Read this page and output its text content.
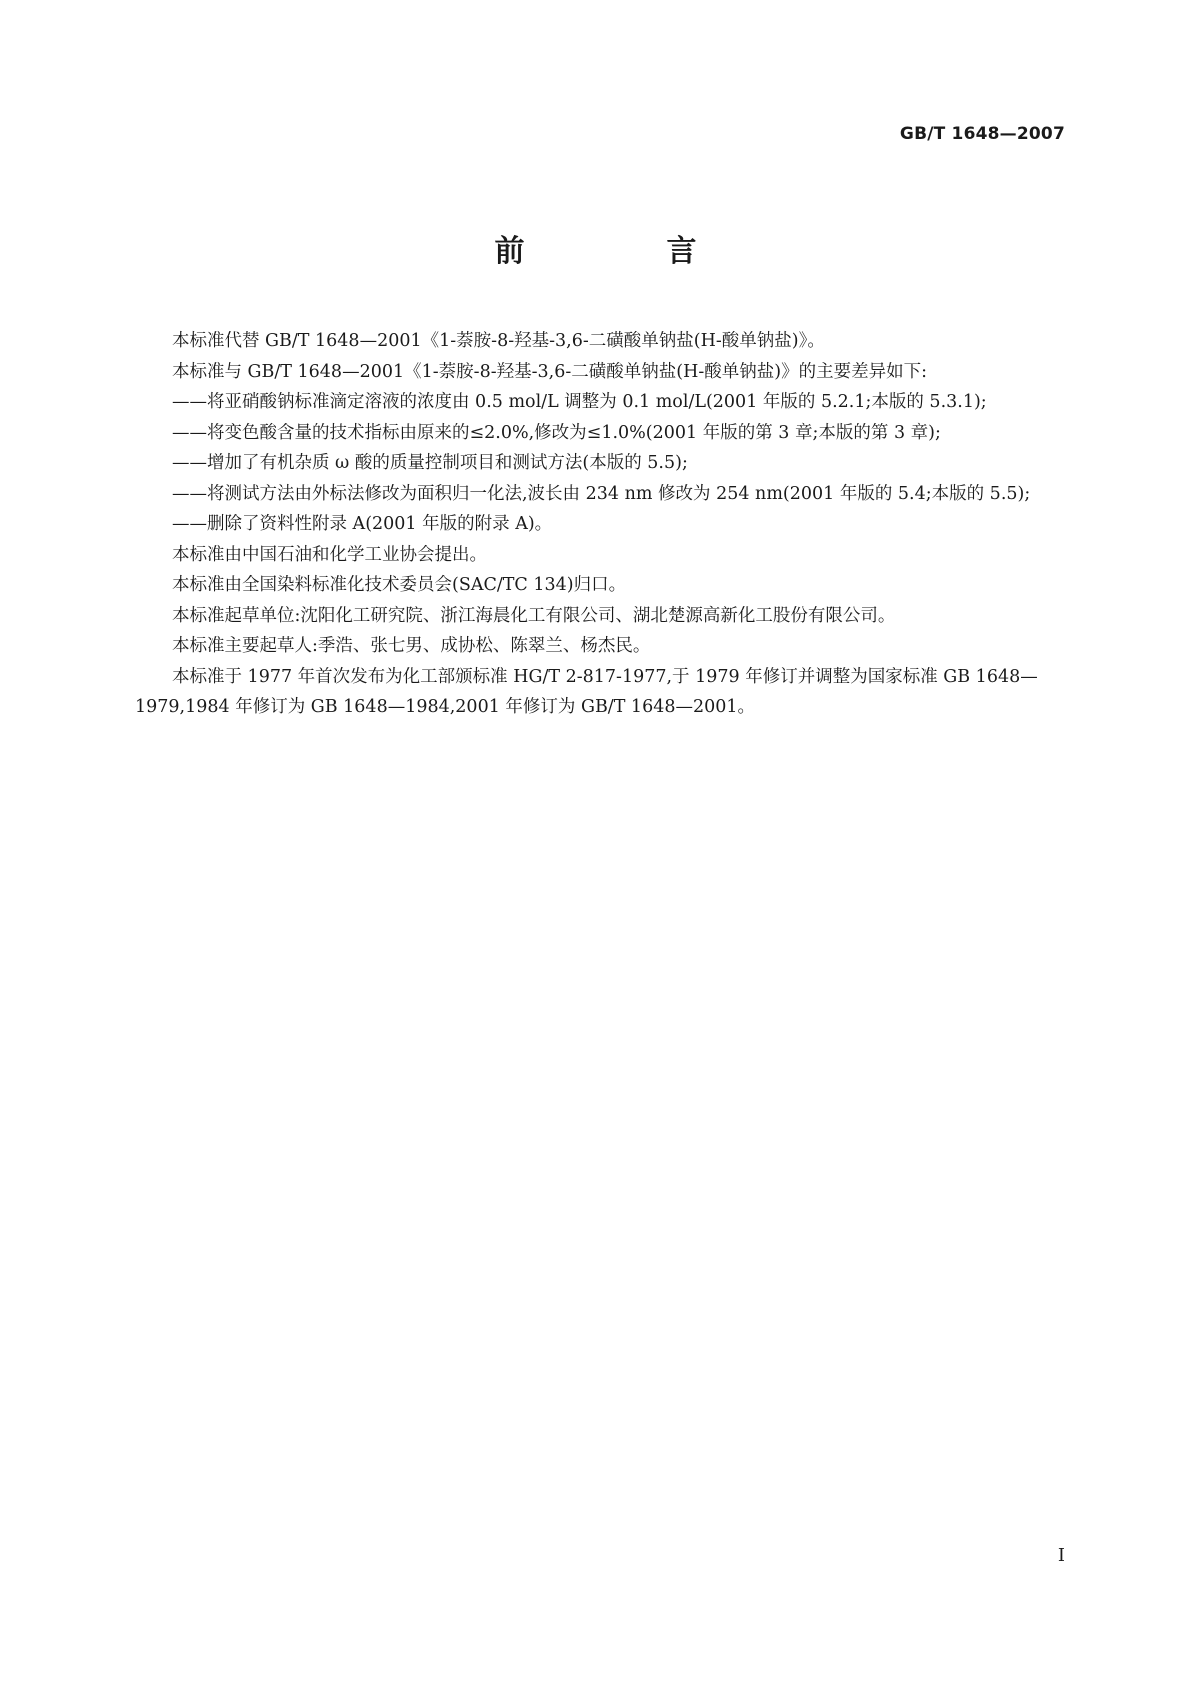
GB/T 1648—2007
前　言

本标准代替 GB/T 1648—2001《1-萘胺-8-羟基-3,6-二磺酸单钠盐(H-酸单钠盐)》。

本标准与 GB/T 1648—2001《1-萘胺-8-羟基-3,6-二磺酸单钠盐(H-酸单钠盐)》的主要差异如下:

——将亚硝酸钠标准滴定溶液的浓度由 0.5 mol/L 调整为 0.1 mol/L(2001 年版的 5.2.1;本版的 5.3.1);

——将变色酸含量的技术指标由原来的≤2.0%,修改为≤1.0%(2001 年版的第 3 章;本版的第 3 章);

——增加了有机杂质 ω 酸的质量控制项目和测试方法(本版的 5.5);

——将测试方法由外标法修改为面积归一化法,波长由 234 nm 修改为 254 nm(2001 年版的 5.4;本版的 5.5);

——删除了资料性附录 A(2001 年版的附录 A)。

本标准由中国石油和化学工业协会提出。

本标准由全国染料标准化技术委员会(SAC/TC 134)归口。

本标准起草单位:沈阳化工研究院、浙江海晨化工有限公司、湖北楚源高新化工股份有限公司。

本标准主要起草人:季浩、张七男、成协松、陈翠兰、杨杰民。

本标准于 1977 年首次发布为化工部颁标准 HG/T 2-817-1977,于 1979 年修订并调整为国家标准 GB 1648—1979,1984 年修订为 GB 1648—1984,2001 年修订为 GB/T 1648—2001。

I
